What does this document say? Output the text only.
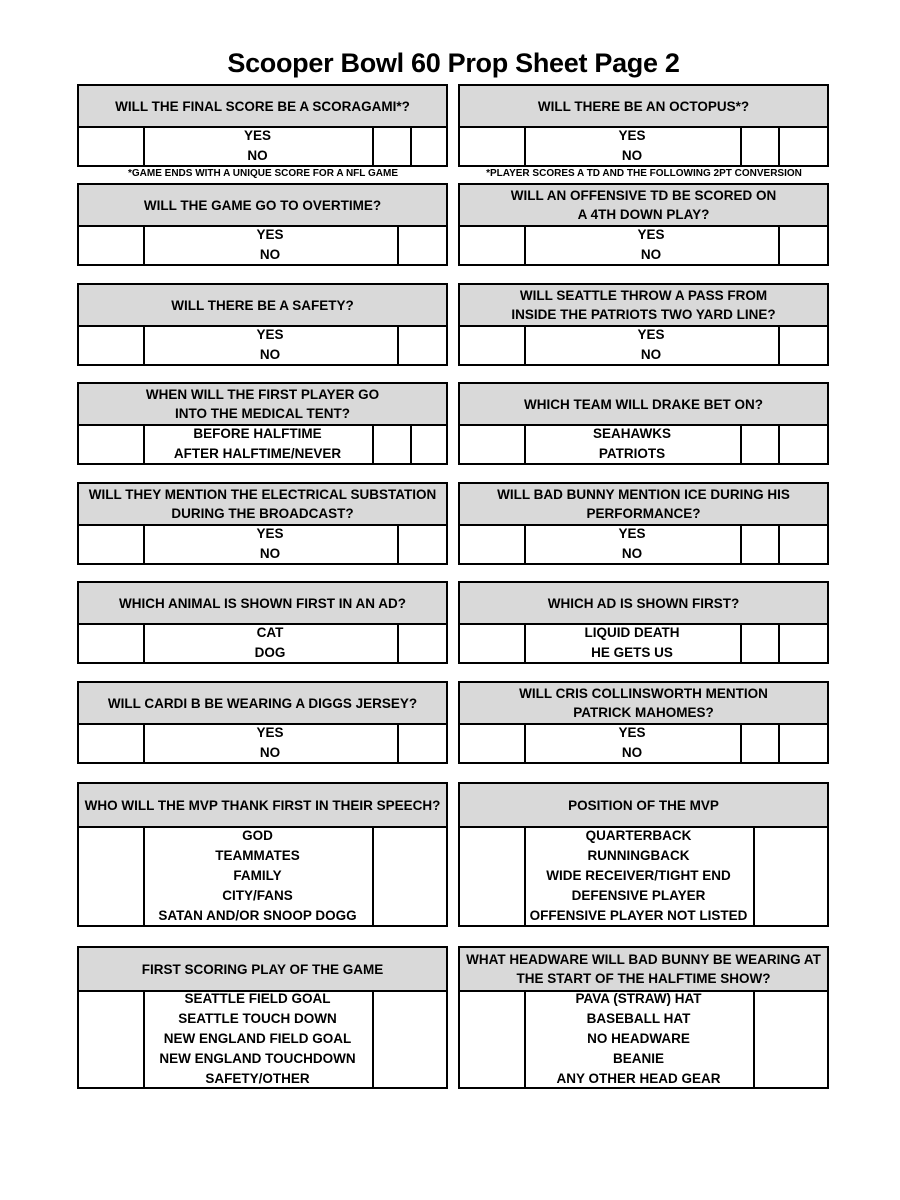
Scooper Bowl 60 Prop Sheet Page 2
*GAME ENDS WITH A UNIQUE SCORE FOR A NFL GAME	*PLAYER SCORES A TD AND THE FOLLOWING 2PT CONVERSION
WILL THE FINAL SCORE BE A SCORAGAMI*?
YES
NO
WILL THERE BE AN OCTOPUS*?
YES
NO
WILL THE GAME GO TO OVERTIME?
YES
NO
WILL AN OFFENSIVE TD BE SCORED ON
A 4TH DOWN PLAY?
YES
NO
WILL THERE BE A SAFETY?
YES
NO
WILL SEATTLE THROW A PASS FROM
INSIDE THE PATRIOTS TWO YARD LINE?
YES
NO
WHEN WILL THE FIRST PLAYER GO
INTO THE MEDICAL TENT?
BEFORE HALFTIME
AFTER HALFTIME/NEVER
WHICH TEAM WILL DRAKE BET ON?
SEAHAWKS
PATRIOTS
WILL THEY MENTION THE ELECTRICAL SUBSTATION
DURING THE BROADCAST?
YES
NO
WILL BAD BUNNY MENTION ICE DURING HIS
PERFORMANCE?
YES
NO
WHICH ANIMAL IS SHOWN FIRST IN AN AD?
CAT
DOG
WHICH AD IS SHOWN FIRST?
LIQUID DEATH
HE GETS US
WILL CARDI B BE WEARING A DIGGS JERSEY?
YES
NO
WILL CRIS COLLINSWORTH MENTION
PATRICK MAHOMES?
YES
NO
WHO WILL THE MVP THANK FIRST IN THEIR SPEECH?
GOD
TEAMMATES
FAMILY
CITY/FANS
SATAN AND/OR SNOOP DOGG
POSITION OF THE MVP
QUARTERBACK
RUNNINGBACK
WIDE RECEIVER/TIGHT END
DEFENSIVE PLAYER
OFFENSIVE PLAYER NOT LISTED
FIRST SCORING PLAY OF THE GAME
SEATTLE FIELD GOAL
SEATTLE TOUCH DOWN
NEW ENGLAND FIELD GOAL
NEW ENGLAND TOUCHDOWN
SAFETY/OTHER
WHAT HEADWARE WILL BAD BUNNY BE WEARING AT
THE START OF THE HALFTIME SHOW?
PAVA (STRAW) HAT
BASEBALL HAT
NO HEADWARE
BEANIE
ANY OTHER HEAD GEAR
